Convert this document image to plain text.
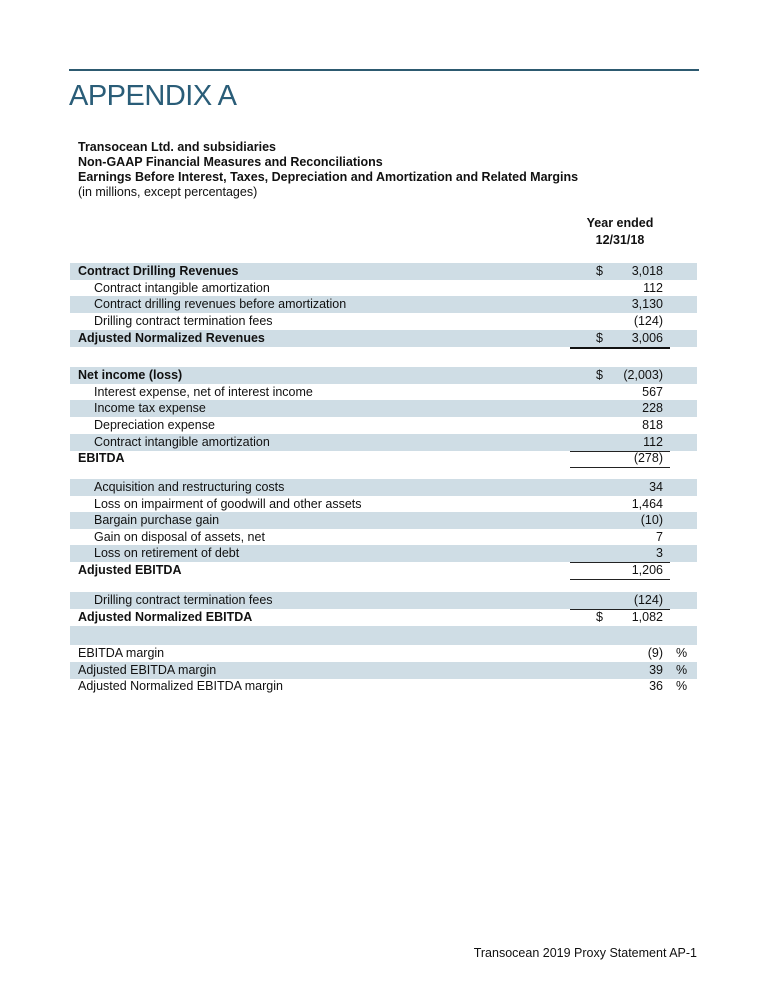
APPENDIX A
Transocean Ltd. and subsidiaries
Non-GAAP Financial Measures and Reconciliations
Earnings Before Interest, Taxes, Depreciation and Amortization and Related Margins
(in millions, except percentages)
Year ended
12/31/18
Contract Drilling Revenues	$ 3,018
Contract intangible amortization	112
Contract drilling revenues before amortization	3,130
Drilling contract termination fees	(124)
Adjusted Normalized Revenues	$ 3,006
Net income (loss)	$ (2,003)
Interest expense, net of interest income	567
Income tax expense	228
Depreciation expense	818
Contract intangible amortization	112
EBITDA	(278)
Acquisition and restructuring costs	34
Loss on impairment of goodwill and other assets	1,464
Bargain purchase gain	(10)
Gain on disposal of assets, net	7
Loss on retirement of debt	3
Adjusted EBITDA	1,206
Drilling contract termination fees	(124)
Adjusted Normalized EBITDA	$ 1,082
EBITDA margin	(9) %
Adjusted EBITDA margin	39 %
Adjusted Normalized EBITDA margin	36 %
Transocean 2019 Proxy Statement AP-1
